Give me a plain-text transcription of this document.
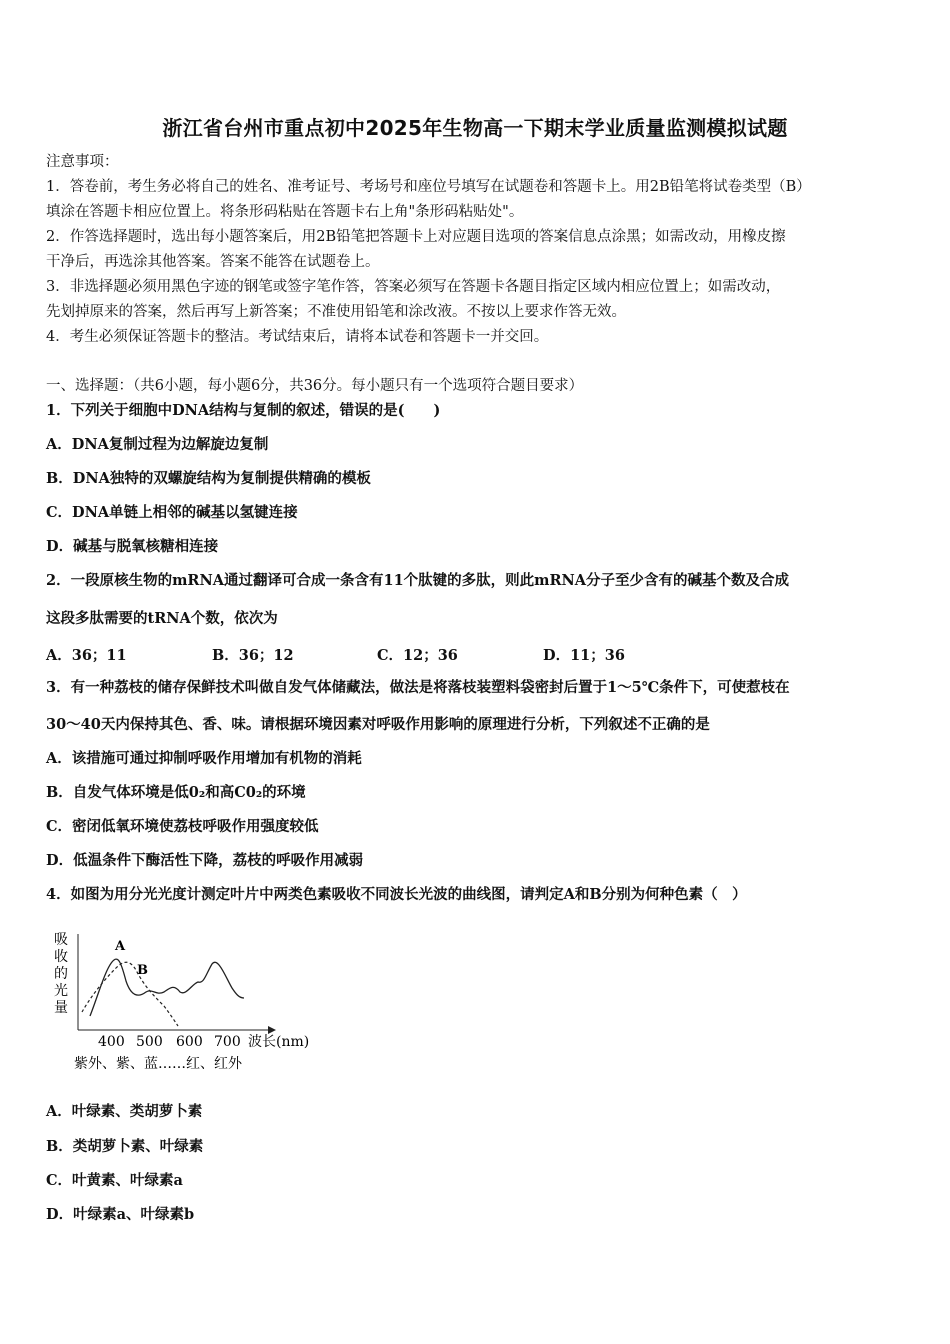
浙江省台州市重点初中2025年生物高一下期末学业质量监测模拟试题
注意事项：
1．答卷前，考生务必将自己的姓名、准考证号、考场号和座位号填写在试题卷和答题卡上。用2B铅笔将试卷类型（B）
填涂在答题卡相应位置上。将条形码粘贴在答题卡右上角"条形码粘贴处"。
2．作答选择题时，选出每小题答案后，用2B铅笔把答题卡上对应题目选项的答案信息点涂黑；如需改动，用橡皮擦
干净后，再选涂其他答案。答案不能答在试题卷上。
3．非选择题必须用黑色字迹的钢笔或签字笔作答，答案必须写在答题卡各题目指定区域内相应位置上；如需改动，
先划掉原来的答案，然后再写上新答案；不准使用铅笔和涂改液。不按以上要求作答无效。
4．考生必须保证答题卡的整洁。考试结束后，请将本试卷和答题卡一并交回。
一、选择题：（共6小题，每小题6分，共36分。每小题只有一个选项符合题目要求）
1．下列关于细胞中DNA结构与复制的叙述，错误的是(　　)
A．DNA复制过程为边解旋边复制
B．DNA独特的双螺旋结构为复制提供精确的模板
C．DNA单链上相邻的碱基以氢键连接
D．碱基与脱氧核糖相连接
2．一段原核生物的mRNA通过翻译可合成一条含有11个肽键的多肽，则此mRNA分子至少含有的碱基个数及合成
这段多肽需要的tRNA个数，依次为
A．36；11	B．36；12	C．12；36	D．11；36
3．有一种荔枝的储存保鲜技术叫做自发气体储藏法，做法是将落枝装塑料袋密封后置于1～5℃条件下，可使惹枝在
30～40天内保持其色、香、味。请根据环境因素对呼吸作用影响的原理进行分析，下列叙述不正确的是
A．该措施可通过抑制呼吸作用增加有机物的消耗
B．自发气体环境是低0₂和高C0₂的环境
C．密闭低氧环境使荔枝呼吸作用强度较低
D．低温条件下酶活性下降，荔枝的呼吸作用减弱
4．如图为用分光光度计测定叶片中两类色素吸收不同波长光波的曲线图，请判定A和B分别为何种色素（　）
吸
收
的
光
量
A
B
400 500 600 700 波长(nm)
紫外、紫、蓝……红、红外
A．叶绿素、类胡萝卜素
B．类胡萝卜素、叶绿素
C．叶黄素、叶绿素a
D．叶绿素a、叶绿素b
